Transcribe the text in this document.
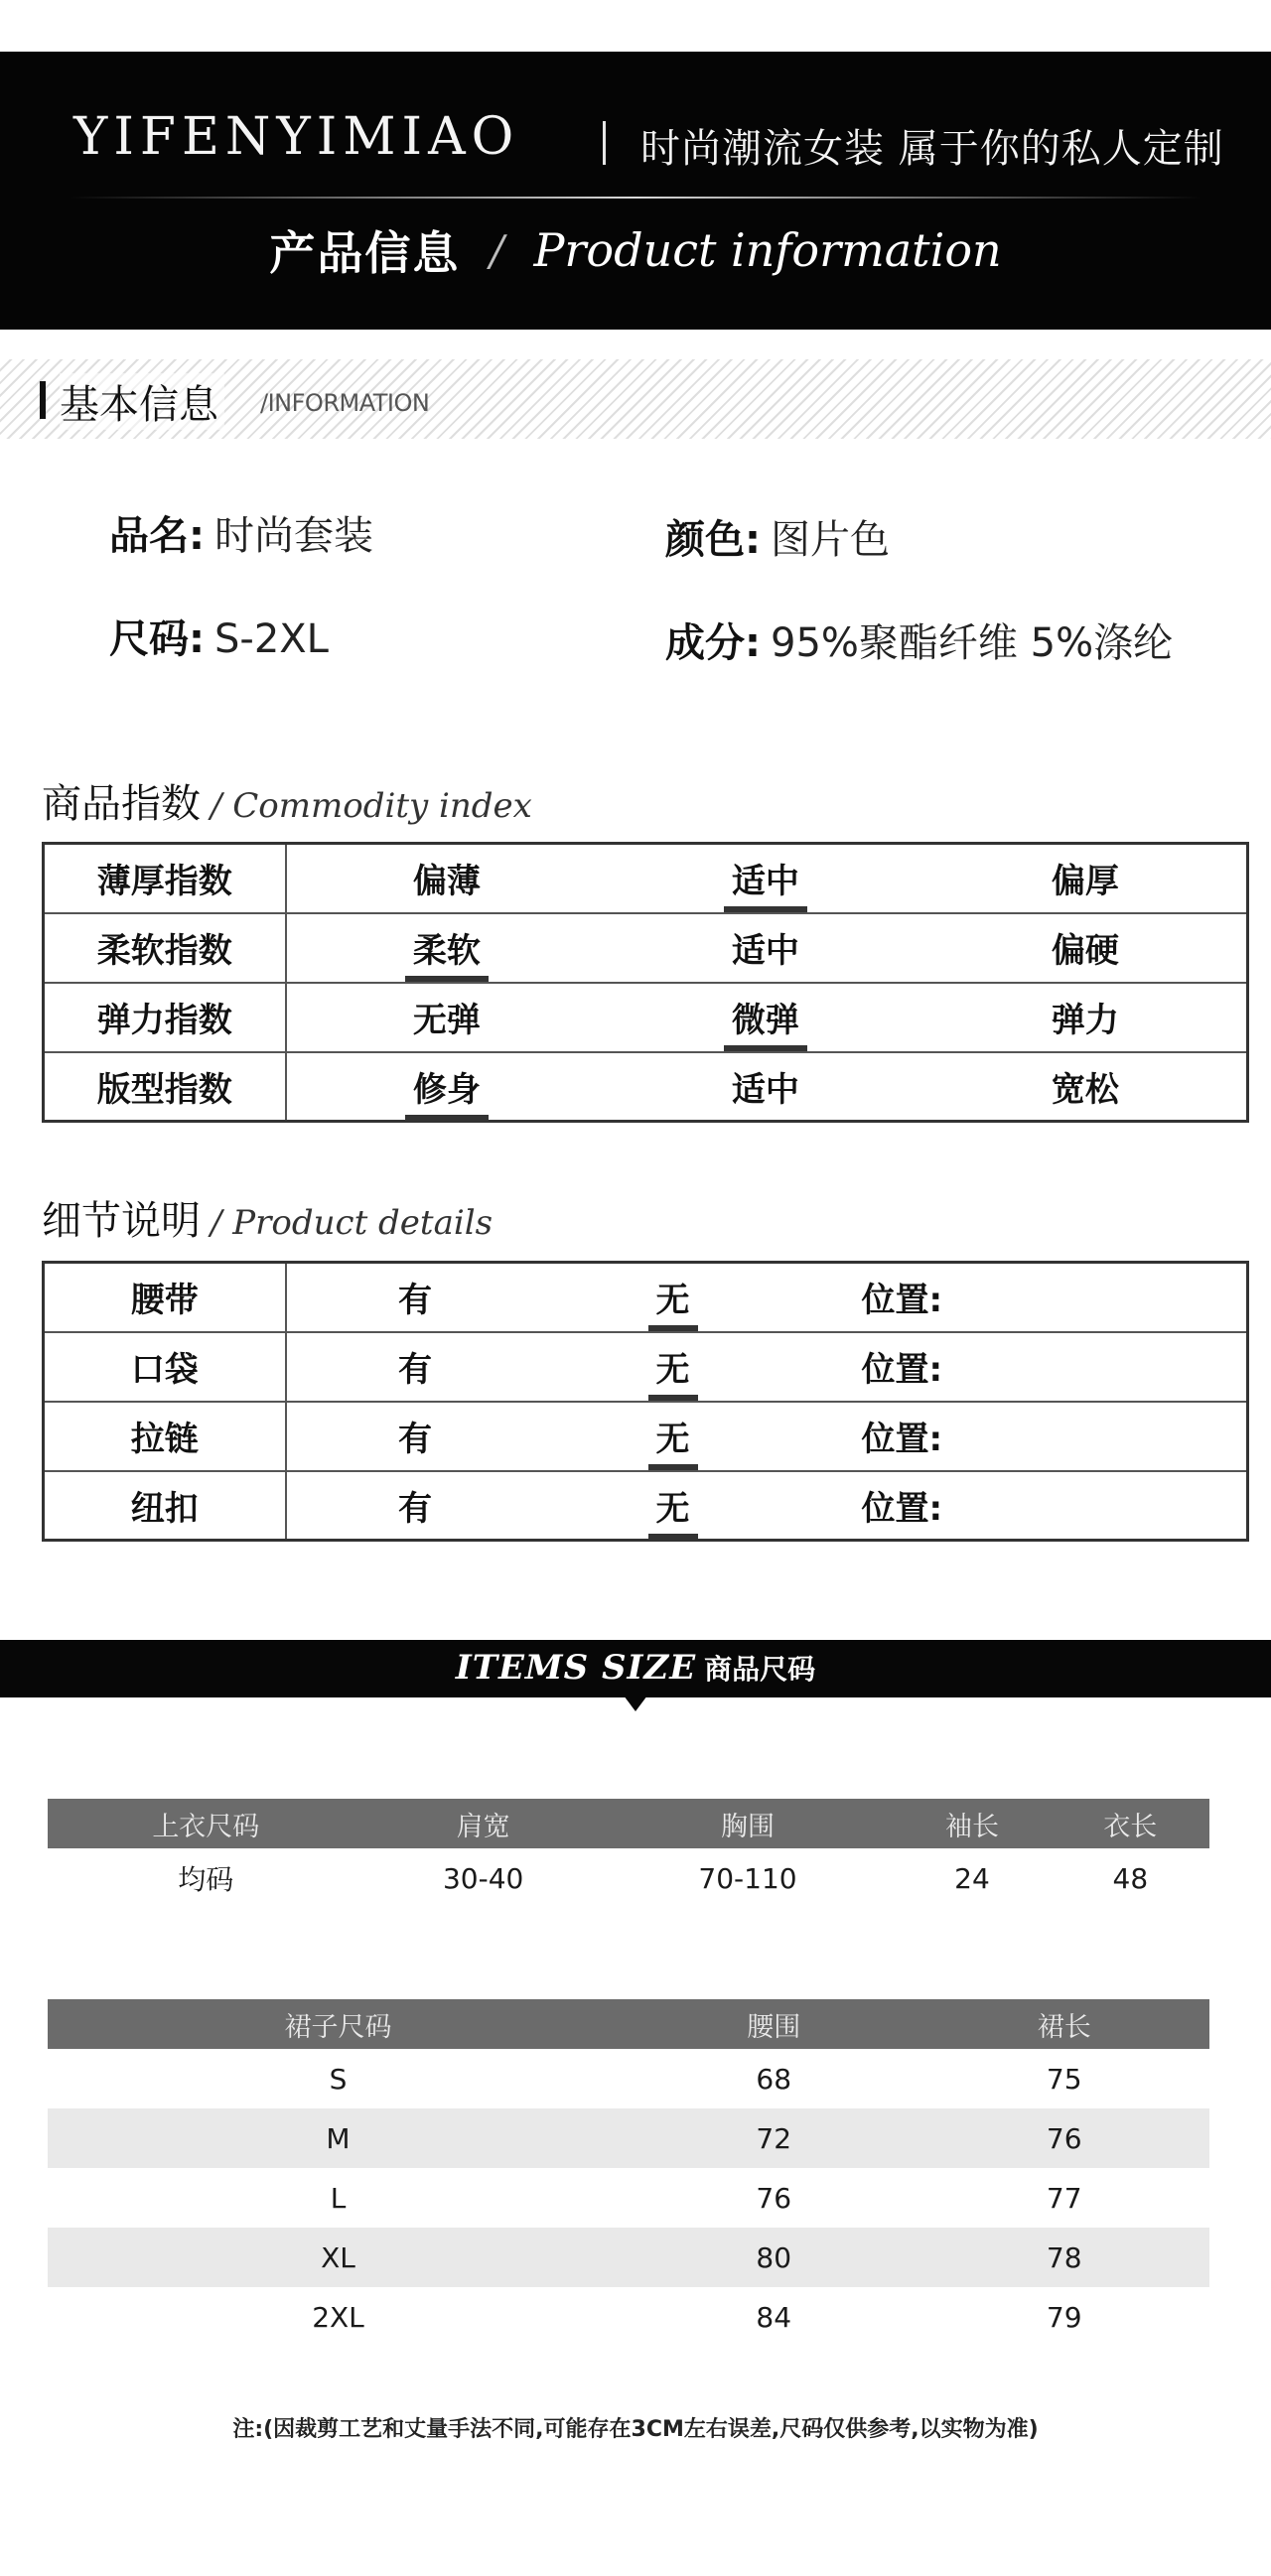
YIFENYIMIAO	时尚潮流女装 属于你的私人定制
产品信息 / Product information
基本信息 /INFORMATION
品名: 时尚套装	颜色: 图片色
尺码: S-2XL	成分: 95%聚酯纤维 5%涤纶
商品指数 / Commodity index
薄厚指数	偏薄	适中	偏厚
柔软指数	柔软	适中	偏硬
弹力指数	无弹	微弹	弹力
版型指数	修身	适中	宽松
细节说明 / Product details
腰带	有	无	位置:
口袋	有	无	位置:
拉链	有	无	位置:
纽扣	有	无	位置:
ITEMS SIZE 商品尺码
上衣尺码	肩宽	胸围	袖长	衣长
均码	30-40	70-110	24	48
裙子尺码	腰围	裙长
S	68	75
M	72	76
L	76	77
XL	80	78
2XL	84	79
注:(因裁剪工艺和丈量手法不同,可能存在3CM左右误差,尺码仅供参考,以实物为准)
